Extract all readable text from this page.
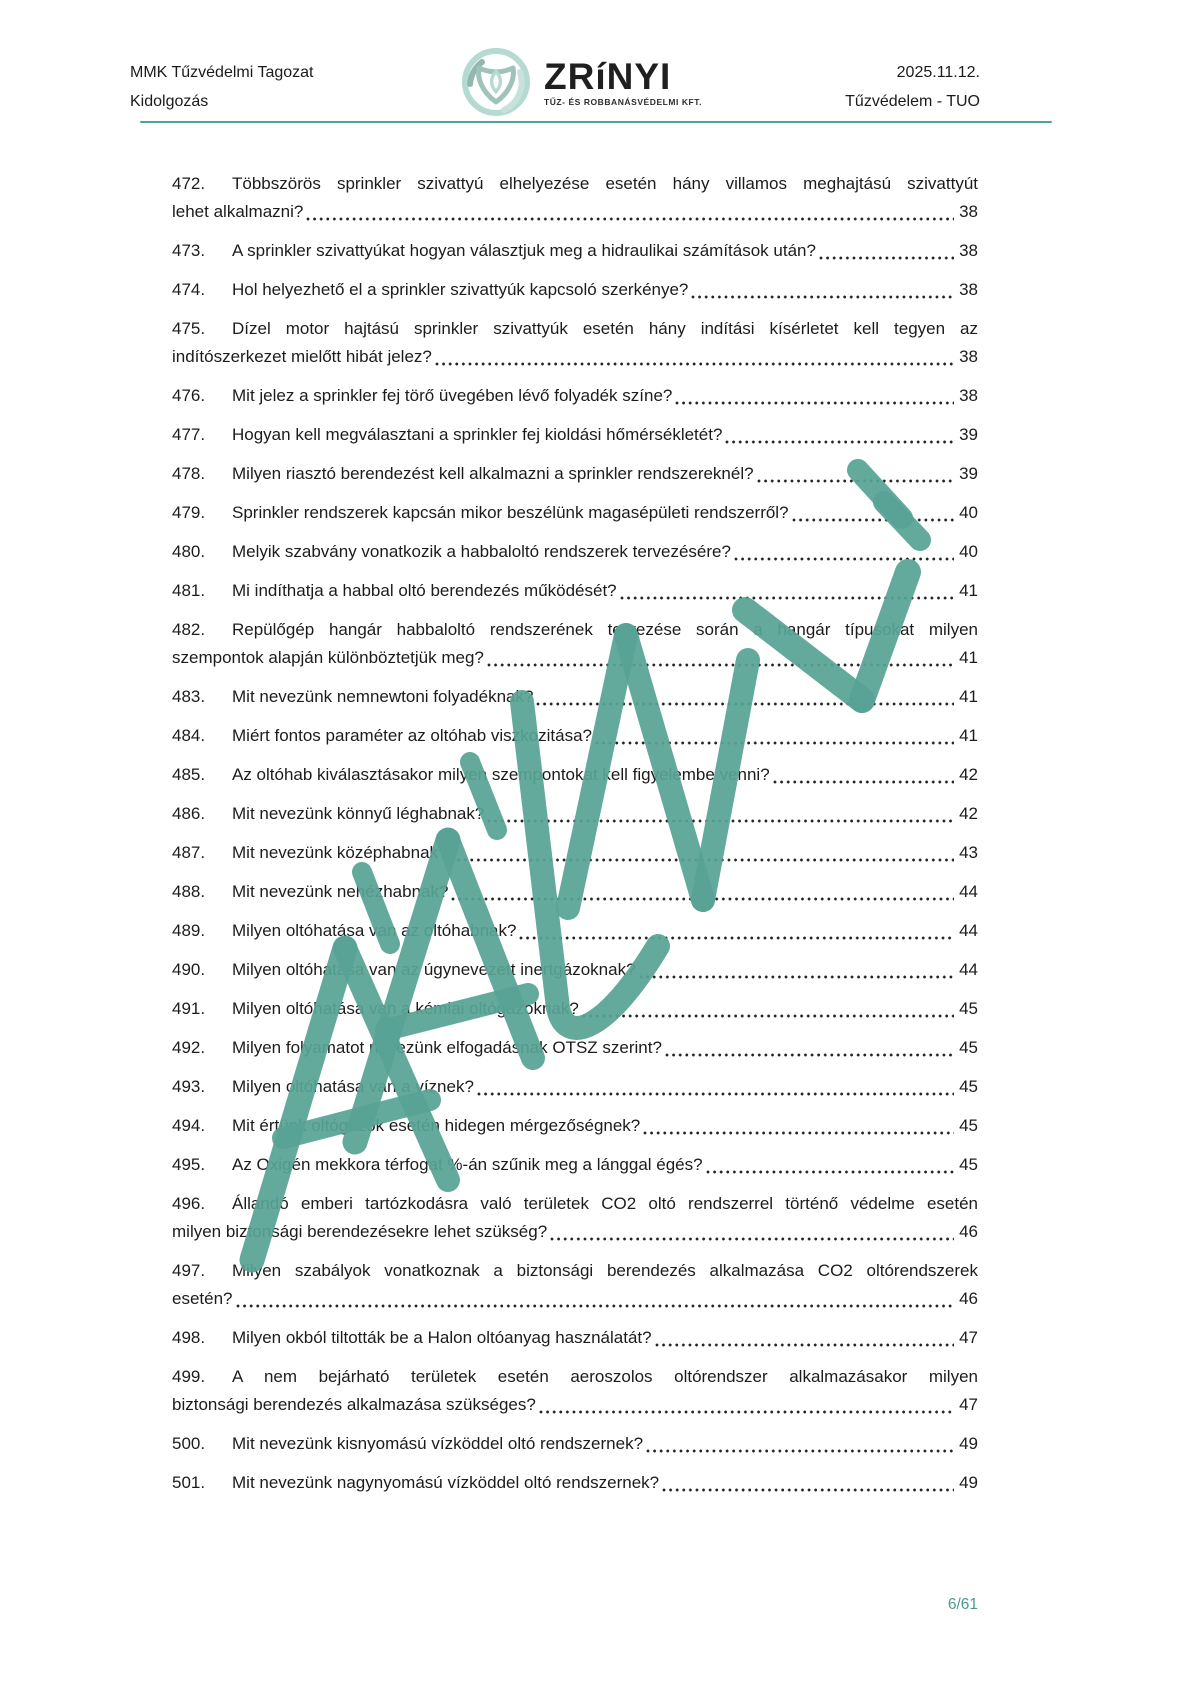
MMK Tűzvédelmi Tagozat
Kidolgozás
ZRíNYI
TŰZ- ÉS ROBBANÁSVÉDELMI KFT.
2025.11.12.
Tűzvédelem - TUO
472. Többszörös sprinkler szivattyú elhelyezése esetén hány villamos meghajtású szivattyút
lehet alkalmazni?	38
473.	A sprinkler szivattyúkat hogyan választjuk meg a hidraulikai számítások után?	38
474.	Hol helyezhető el a sprinkler szivattyúk kapcsoló szerkénye?	38
475. Dízel motor hajtású sprinkler szivattyúk esetén hány indítási kísérletet kell tegyen az
indítószerkezet mielőtt hibát jelez?	38
476.	Mit jelez a sprinkler fej törő üvegében lévő folyadék színe?	38
477.	Hogyan kell megválasztani a sprinkler fej kioldási hőmérsékletét?	39
478.	Milyen riasztó berendezést kell alkalmazni a sprinkler rendszereknél?	39
479.	Sprinkler rendszerek kapcsán mikor beszélünk magasépületi rendszerről?	40
480.	Melyik szabvány vonatkozik a habbaloltó rendszerek tervezésére?	40
481.	Mi indíthatja a habbal oltó berendezés működését?	41
482. Repülőgép hangár habbaloltó rendszerének tervezése során a hangár típusokat milyen
szempontok alapján különböztetjük meg?	41
483.	Mit nevezünk nemnewtoni folyadéknak?	41
484.	Miért fontos paraméter az oltóhab viszkozitása?	41
485.	Az oltóhab kiválasztásakor milyen szempontokat kell figyelembe venni?	42
486.	Mit nevezünk könnyű léghabnak?	42
487.	Mit nevezünk középhabnak?	43
488.	Mit nevezünk nehézhabnak?	44
489.	Milyen oltóhatása van az oltóhabnak?	44
490.	Milyen oltóhatása van az úgynevezett inertgázoknak?	44
491.	Milyen oltóhatása van a kémiai oltógázoknak?	45
492.	Milyen folyamatot nevezünk elfogadásnak OTSZ szerint?	45
493.	Milyen oltóhatása van a víznek?	45
494.	Mit értünk oltógázok esetén hidegen mérgezőségnek?	45
495.	Az Oxigén mekkora térfogat %-án szűnik meg a lánggal égés?	45
496. Állandó emberi tartózkodásra való területek CO2 oltó rendszerrel történő védelme esetén
milyen biztonsági berendezésekre lehet szükség?	46
497. Milyen szabályok vonatkoznak a biztonsági berendezés alkalmazása CO2 oltórendszerek
esetén?	46
498.	Milyen okból tiltották be a Halon oltóanyag használatát?	47
499. A nem bejárható területek esetén aeroszolos oltórendszer alkalmazásakor milyen
biztonsági berendezés alkalmazása szükséges?	47
500.	Mit nevezünk kisnyomású vízköddel oltó rendszernek?	49
501.	Mit nevezünk nagynyomású vízköddel oltó rendszernek?	49
6/61
